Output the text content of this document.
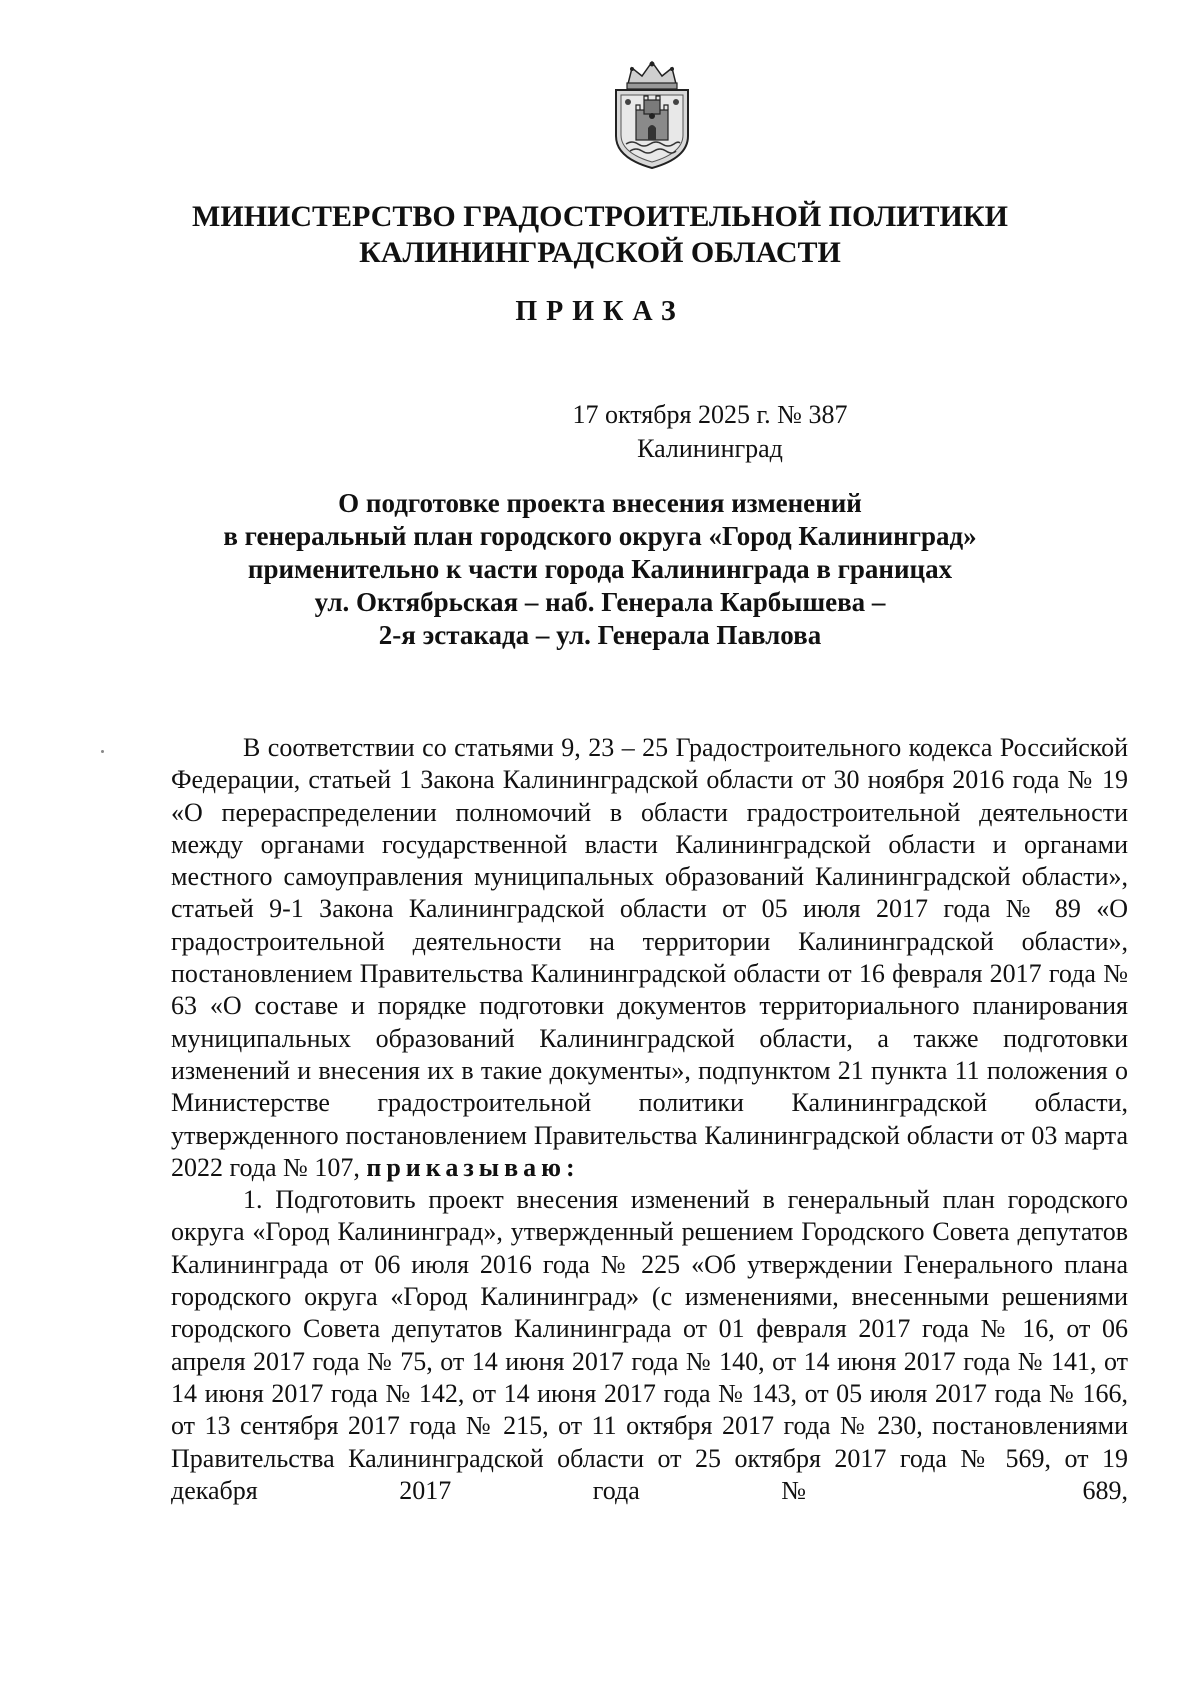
МИНИСТЕРСТВО ГРАДОСТРОИТЕЛЬНОЙ ПОЛИТИКИ
КАЛИНИНГРАДСКОЙ ОБЛАСТИ
ПРИКАЗ
17 октября 2025 г. № 387
Калининград
О подготовке проекта внесения изменений
в генеральный план городского округа «Город Калининград»
применительно к части города Калининграда в границах
ул. Октябрьская – наб. Генерала Карбышева –
2-я эстакада – ул. Генерала Павлова

В соответствии со статьями 9, 23 – 25 Градостроительного кодекса Российской Федерации, статьей 1 Закона Калининградской области от 30 ноября 2016 года № 19 «О перераспределении полномочий в области градостроительной деятельности между органами государственной власти Калининградской области и органами местного самоуправления муниципальных образований Калининградской области», статьей 9-1 Закона Калининградской области от 05 июля 2017 года № 89 «О градостроительной деятельности на территории Калининградской области», постановлением Правительства Калининградской области от 16 февраля 2017 года № 63 «О составе и порядке подготовки документов территориального планирования муниципальных образований Калининградской области, а также подготовки изменений и внесения их в такие документы», подпунктом 21 пункта 11 положения о Министерстве градостроительной политики Калининградской области, утвержденного постановлением Правительства Калининградской области от 03 марта 2022 года № 107, приказываю:

1. Подготовить проект внесения изменений в генеральный план городского округа «Город Калининград», утвержденный решением Городского Совета депутатов Калининграда от 06 июля 2016 года № 225 «Об утверждении Генерального плана городского округа «Город Калининград» (с изменениями, внесенными решениями городского Совета депутатов Калининграда от 01 февраля 2017 года № 16, от 06 апреля 2017 года № 75, от 14 июня 2017 года № 140, от 14 июня 2017 года № 141, от 14 июня 2017 года № 142, от 14 июня 2017 года № 143, от 05 июля 2017 года № 166, от 13 сентября 2017 года № 215, от 11 октября 2017 года № 230, постановлениями Правительства Калининградской области от 25 октября 2017 года № 569, от 19 декабря 2017 года № 689,
